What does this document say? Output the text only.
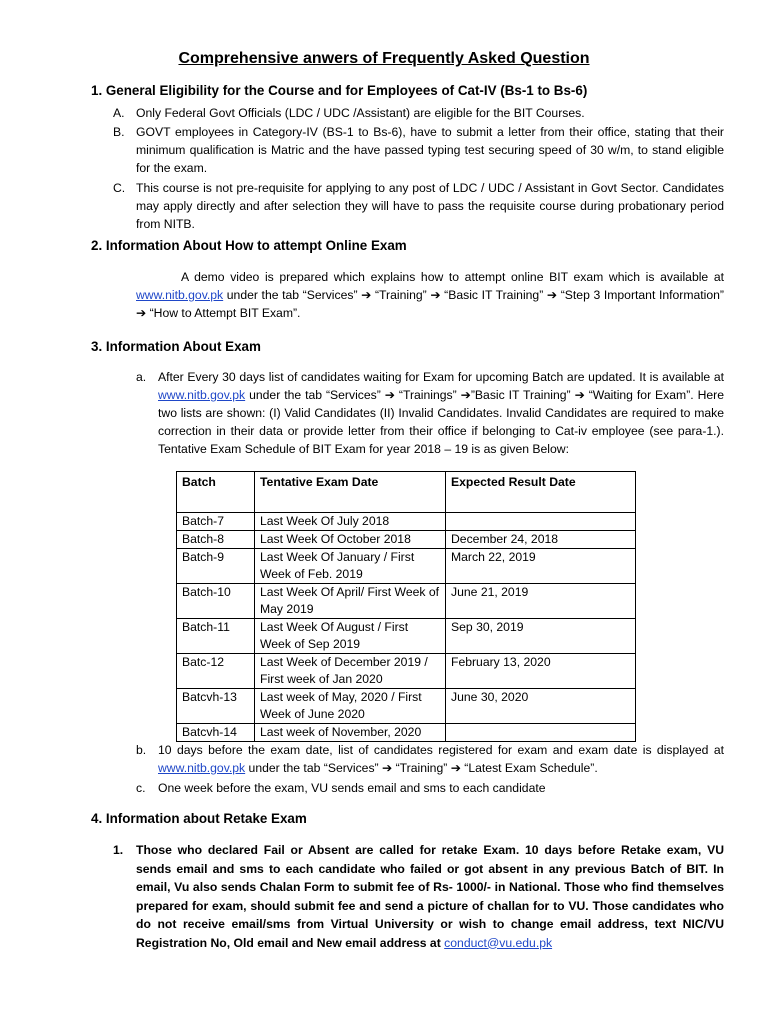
Comprehensive anwers of Frequently Asked Question
1. General Eligibility for the Course and for Employees of Cat-IV (Bs-1 to Bs-6)
A. Only Federal Govt Officials (LDC / UDC /Assistant) are eligible for the BIT Courses.
B. GOVT employees in Category-IV (BS-1 to Bs-6), have to submit a letter from their office, stating that their minimum qualification is Matric and the have passed typing test securing speed of 30 w/m, to stand eligible for the exam.
C. This course is not pre-requisite for applying to any post of LDC / UDC / Assistant in Govt Sector. Candidates may apply directly and after selection they will have to pass the requisite course during probationary period from NITB.
2. Information About How to attempt Online Exam
A demo video is prepared which explains how to attempt online BIT exam which is available at www.nitb.gov.pk under the tab “Services” ➔ “Training” ➔ “Basic IT Training” ➔ “Step 3 Important Information” ➔ “How to Attempt BIT Exam”.
3. Information About Exam
a. After Every 30 days list of candidates waiting for Exam for upcoming Batch are updated. It is available at www.nitb.gov.pk under the tab “Services” ➔ “Trainings” ➔”Basic IT Training” ➔ “Waiting for Exam”. Here two lists are shown: (I) Valid Candidates (II) Invalid Candidates. Invalid Candidates are required to make correction in their data or provide letter from their office if belonging to Cat-iv employee (see para-1.). Tentative Exam Schedule of BIT Exam for year 2018 – 19 is as given Below:
Batch	Tentative Exam Date	Expected Result Date
Batch-7	Last Week Of July 2018	
Batch-8	Last Week Of October 2018	December 24, 2018
Batch-9	Last Week Of January / First Week of Feb. 2019	March 22, 2019
Batch-10	Last Week Of April/ First Week of May 2019	June 21, 2019
Batch-11	Last Week Of August / First Week of Sep 2019	Sep 30, 2019
Batc-12	Last Week of December 2019 / First week of Jan 2020	February 13, 2020
Batcvh-13	Last week of May, 2020 / First Week of June 2020	June 30, 2020
Batcvh-14	Last week of November, 2020	
b. 10 days before the exam date, list of candidates registered for exam and exam date is displayed at www.nitb.gov.pk under the tab “Services” ➔ “Training” ➔ “Latest Exam Schedule”.
c. One week before the exam, VU sends email and sms to each candidate
4. Information about Retake Exam
1. Those who declared Fail or Absent are called for retake Exam. 10 days before Retake exam, VU sends email and sms to each candidate who failed or got absent in any previous Batch of BIT. In email, Vu also sends Chalan Form to submit fee of Rs- 1000/- in National. Those who find themselves prepared for exam, should submit fee and send a picture of challan for to VU. Those candidates who do not receive email/sms from Virtual University or wish to change email address, text NIC/VU Registration No, Old email and New email address at conduct@vu.edu.pk
